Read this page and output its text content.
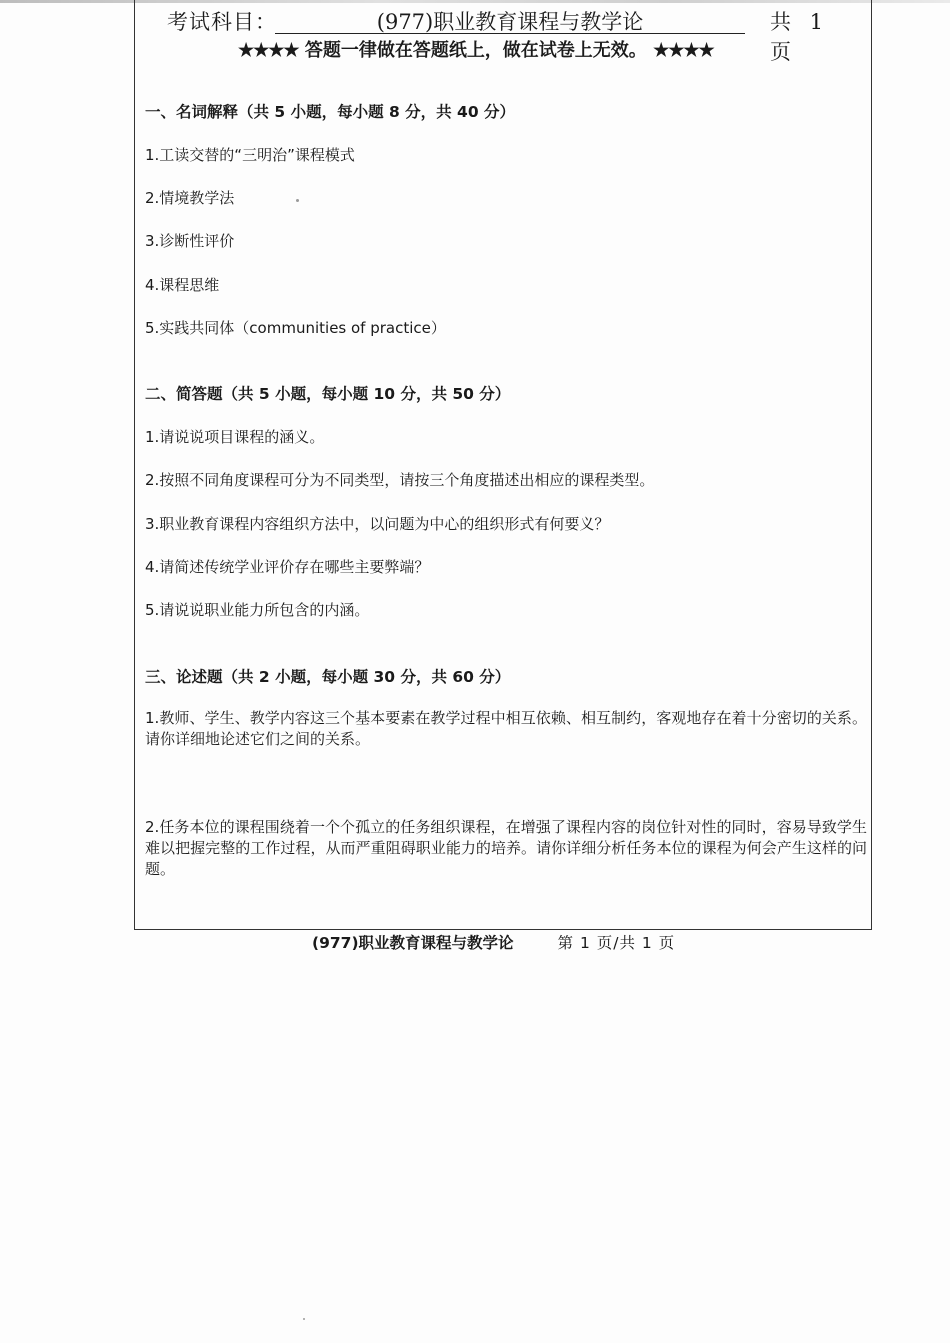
考试科目：	(977)职业教育课程与教学论	共 1 页
★★★★ 答题一律做在答题纸上，做在试卷上无效。 ★★★★
一、名词解释（共 5 小题，每小题 8 分，共 40 分）
1.工读交替的“三明治”课程模式
2.情境教学法
3.诊断性评价
4.课程思维
5.实践共同体（communities of practice）
二、简答题（共 5 小题，每小题 10 分，共 50 分）
1.请说说项目课程的涵义。
2.按照不同角度课程可分为不同类型，请按三个角度描述出相应的课程类型。
3.职业教育课程内容组织方法中，以问题为中心的组织形式有何要义？
4.请简述传统学业评价存在哪些主要弊端？
5.请说说职业能力所包含的内涵。
三、论述题（共 2 小题，每小题 30 分，共 60 分）
1.教师、学生、教学内容这三个基本要素在教学过程中相互依赖、相互制约，客观地存在着十分密切的关系。请你详细地论述它们之间的关系。
2.任务本位的课程围绕着一个个孤立的任务组织课程，在增强了课程内容的岗位针对性的同时，容易导致学生难以把握完整的工作过程，从而严重阻碍职业能力的培养。请你详细分析任务本位的课程为何会产生这样的问题。
(977)职业教育课程与教学论	第 1 页/共 1 页
